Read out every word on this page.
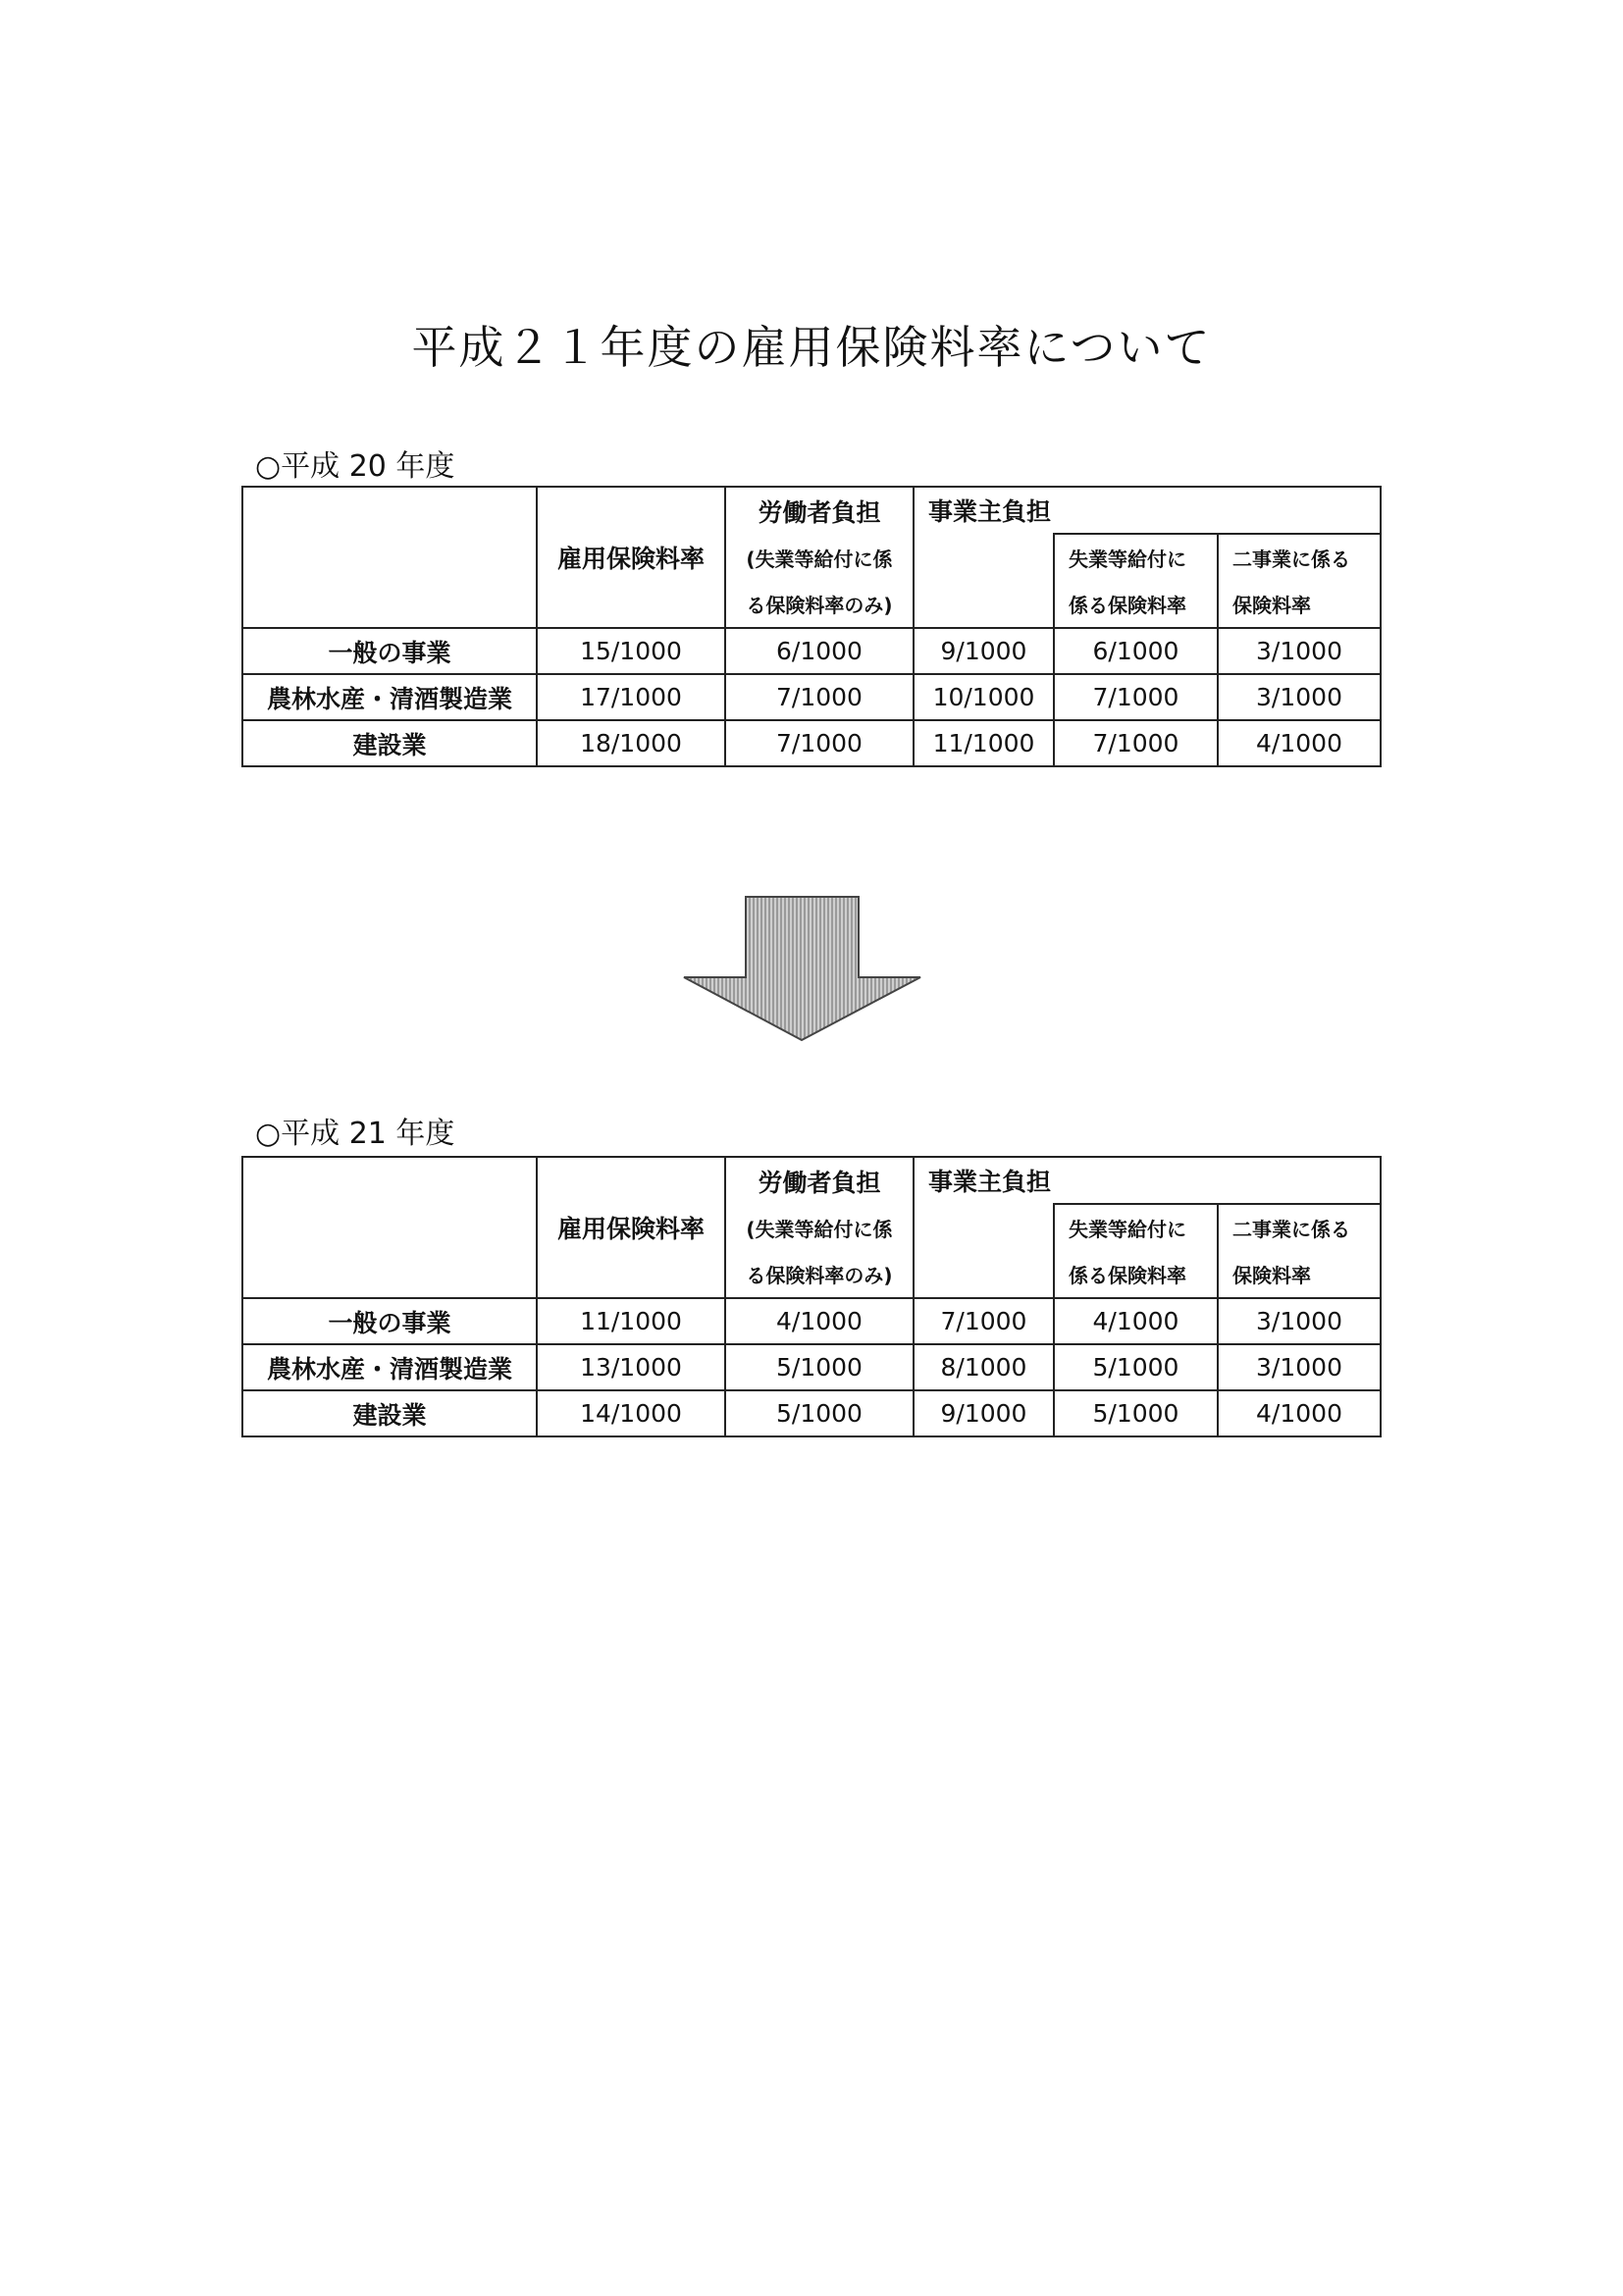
平成２１年度の雇用保険料率について
○平成 20 年度
		労働者負担	事業主負担		
	雇用保険料率	(失業等給付に係		失業等給付に	二事業に係る
		る保険料率のみ)		係る保険料率	保険料率
一般の事業	15/1000	6/1000	9/1000	6/1000	3/1000
農林水産・清酒製造業	17/1000	7/1000	10/1000	7/1000	3/1000
建設業	18/1000	7/1000	11/1000	7/1000	4/1000
○平成 21 年度
		労働者負担	事業主負担		
	雇用保険料率	(失業等給付に係		失業等給付に	二事業に係る
		る保険料率のみ)		係る保険料率	保険料率
一般の事業	11/1000	4/1000	7/1000	4/1000	3/1000
農林水産・清酒製造業	13/1000	5/1000	8/1000	5/1000	3/1000
建設業	14/1000	5/1000	9/1000	5/1000	4/1000
